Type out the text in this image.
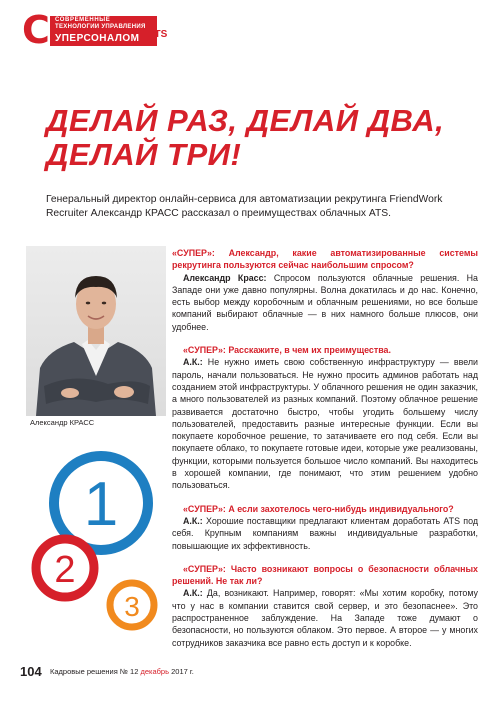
С СОВРЕМЕННЫЕ
ТЕХНОЛОГИИ УПРАВЛЕНИЯ
УПЕРСОНАЛОМ ATS
ДЕЛАЙ РАЗ, ДЕЛАЙ ДВА,
ДЕЛАЙ ТРИ!
Генеральный директор онлайн-сервиса для автоматизации рекрутинга FriendWork Recruiter Александр КРАСС рассказал о преимуществах облачных ATS.
Александр КРАСС
1
2
3

«СУПЕР»: Александр, какие автоматизированные системы рекрутинга пользуются сейчас наибольшим спросом?

Александр Красс: Спросом пользуются облачные решения. На Западе они уже давно популярны. Волна докатилась и до нас. Конечно, есть выбор между коробочным и облачным решениями, но все больше компаний выбирают облачные — в них намного больше плюсов, они удобнее.

«СУПЕР»: Расскажите, в чем их преимущества.

А.К.: Не нужно иметь свою собственную инфраструктуру — ввели пароль, начали пользоваться. Не нужно просить админов работать над созданием этой инфраструктуры. У облачного решения не один заказчик, а много пользователей из разных компаний. Поэтому облачное решение развивается достаточно быстро, чтобы угодить большему числу пользователей, предоставить разные интересные функции. Если вы покупаете коробочное решение, то затачиваете его под себя. Если вы покупаете облако, то покупаете готовые идеи, которые уже реализованы, функции, которыми пользуется большое число компаний. Вы находитесь в хорошей компании, где понимают, что этим решением удобно пользоваться.

«СУПЕР»: А если захотелось чего-нибудь индивидуального?

А.К.: Хорошие поставщики предлагают клиентам доработать ATS под себя. Крупным компаниям важны индивидуальные разработки, повышающие их эффективность.

«СУПЕР»: Часто возникают вопросы о безопасности облачных решений. Не так ли?

А.К.: Да, возникают. Например, говорят: «Мы хотим коробку, потому что у нас в компании ставится свой сервер, и это безопаснее». Это распространенное заблуждение. На Западе тоже думают о безопасности, но пользуются облаком. Это первое. А второе — у многих сотрудников заказчика все равно есть доступ и к коробке.

104 Кадровые решения № 12 декабрь 2017 г.
